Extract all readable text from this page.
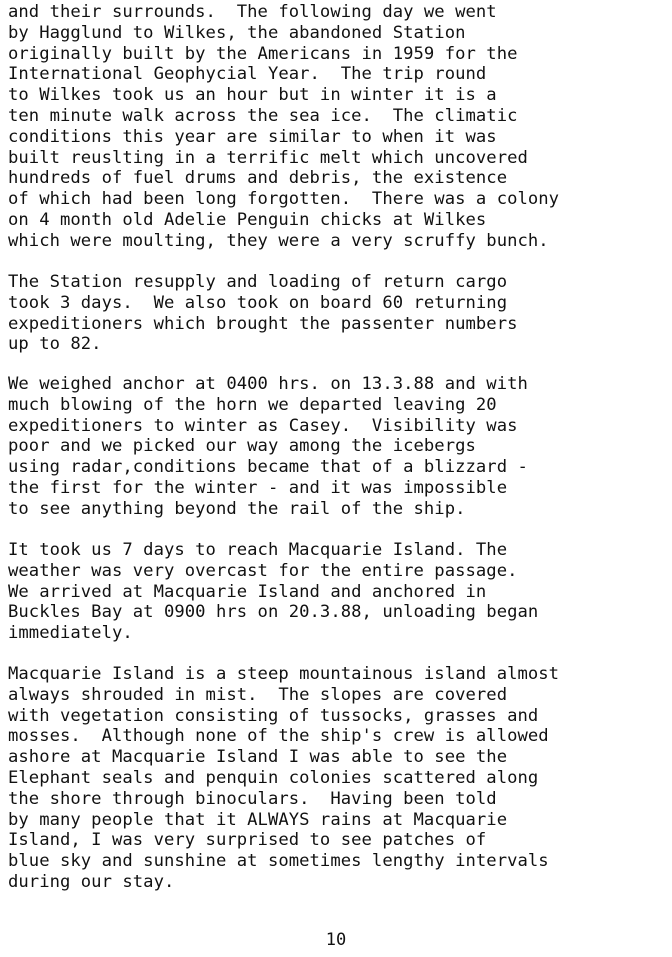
and their surrounds.  The following day we went
by Hagglund to Wilkes, the abandoned Station
originally built by the Americans in 1959 for the
International Geophycial Year.  The trip round
to Wilkes took us an hour but in winter it is a
ten minute walk across the sea ice.  The climatic
conditions this year are similar to when it was
built reuslting in a terrific melt which uncovered
hundreds of fuel drums and debris, the existence
of which had been long forgotten.  There was a colony
on 4 month old Adelie Penguin chicks at Wilkes
which were moulting, they were a very scruffy bunch.
The Station resupply and loading of return cargo
took 3 days.  We also took on board 60 returning
expeditioners which brought the passenter numbers
up to 82.
We weighed anchor at 0400 hrs. on 13.3.88 and with
much blowing of the horn we departed leaving 20
expeditioners to winter as Casey.  Visibility was
poor and we picked our way among the icebergs
using radar,conditions became that of a blizzard -
the first for the winter - and it was impossible
to see anything beyond the rail of the ship.
It took us 7 days to reach Macquarie Island. The
weather was very overcast for the entire passage.
We arrived at Macquarie Island and anchored in
Buckles Bay at 0900 hrs on 20.3.88, unloading began
immediately.
Macquarie Island is a steep mountainous island almost
always shrouded in mist.  The slopes are covered
with vegetation consisting of tussocks, grasses and
mosses.  Although none of the ship's crew is allowed
ashore at Macquarie Island I was able to see the
Elephant seals and penquin colonies scattered along
the shore through binoculars.  Having been told
by many people that it ALWAYS rains at Macquarie
Island, I was very surprised to see patches of
blue sky and sunshine at sometimes lengthy intervals
during our stay.
10
